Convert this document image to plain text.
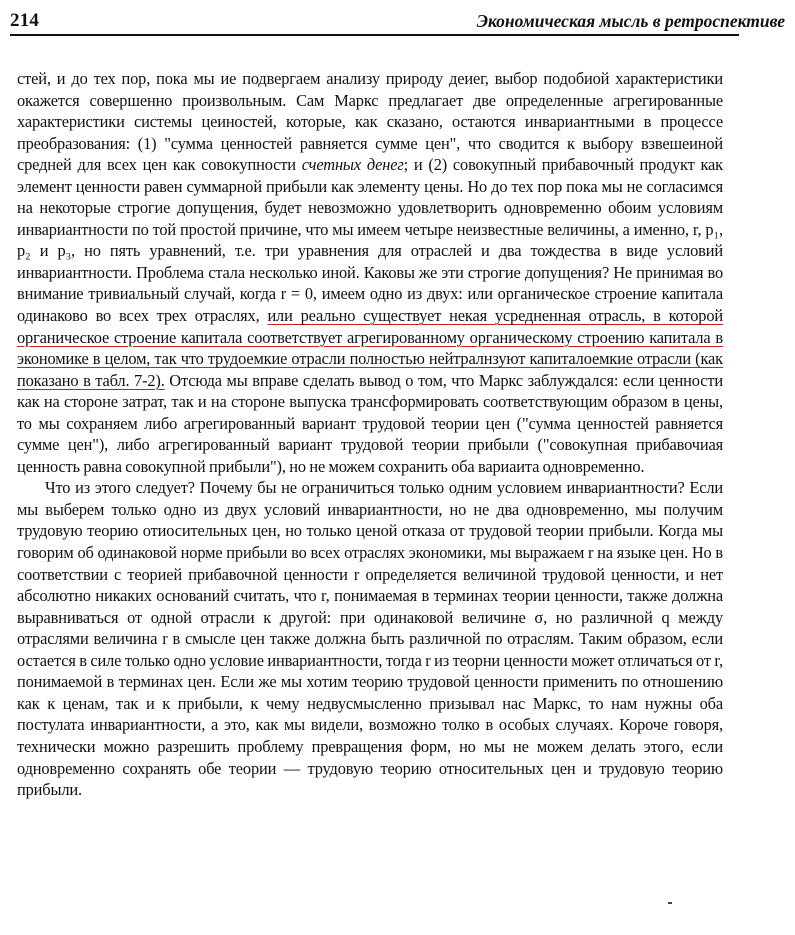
214	Экономическая мысль в ретроспективе

стей, и до тех пор, пока мы ие подвергаем анализу природу деиег, выбор подобиой характеристики окажется совершенно произвольным. Сам Маркс предлагает две определенные агрегированные характеристики системы цеиностей, которые, как сказано, остаются инвариантными в процессе преобразования: (1) "сумма ценностей равняется сумме цен", что сводится к выбору взвешеиной средней для всех цен как совокупности счетных денег; и (2) совокупный прибавочный продукт как элемент ценности равен суммарной прибыли как элементу цены. Но до тех пор пока мы не согласимся на некоторые строгие допущения, будет невозможно удовлетворить одновременно обоим условиям инвариантности по той простой причине, что мы имеем четыре неизвестные величины, а именно, r, p₁, p₂ и p₃, но пять уравнений, т.е. три уравнения для отраслей и два тождества в виде условий инвариантности. Проблема стала несколько иной. Каковы же эти строгие допущения? Не принимая во внимание тривиальный случай, когда r = 0, имеем одно из двух: или органическое строение капитала одинаково во всех трех отраслях, или реально существует некая усредненная отрасль, в которой органическое строение капитала соответствует агрегированному органическому строению капитала в экономике в целом, так что трудоемкие отрасли полностью нейтралнзуют капиталоемкие отрасли (как показано в табл. 7-2). Отсюда мы вправе сделать вывод о том, что Маркс заблуждался: если ценности как на стороне затрат, так и на стороне выпуска трансформировать соответствующим образом в цены, то мы сохраняем либо агрегированный вариант трудовой теории цен ("сумма ценностей равняется сумме цен"), либо агрегированный вариант трудовой теории прибыли ("совокупная прибавочиая ценность равна совокупной прибыли"), но не можем сохранить оба вариаита одновременно.

Что из этого следует? Почему бы не ограничиться только одним условием инвариантности? Если мы выберем только одно из двух условий инвариантности, но не два одновременно, мы получим трудовую теорию отиосительных цен, но только ценой отказа от трудовой теории прибыли. Когда мы говорим об одинаковой норме прибыли во всех отраслях экономики, мы выражаем r на языке цен. Но в соответствии с теорией прибавочной ценности r определяется величиной трудовой ценности, и нет абсолютно никаких оснований считать, что r, понимаемая в терминах теории ценности, также должна выравниваться от одной отрасли к другой: при одинаковой величине σ, но различной q между отраслями величина r в смысле цен также должна быть различной по отраслям. Таким образом, если остается в силе только одно условие инвариантности, тогда r из теорни ценности может отличаться от r, понимаемой в терминах цен. Если же мы хотим теорию трудовой ценности применить по отношению как к ценам, так и к прибыли, к чему недвусмысленно призывал нас Маркс, то нам нужны оба постулата инвариантности, а это, как мы видели, возможно толко в особых случаях. Короче говоря, технически можно разрешить проблему превращения форм, но мы не можем делать этого, если одновременно сохранять обе теории — трудовую теорию относительных цен и трудовую теорию прибыли.
